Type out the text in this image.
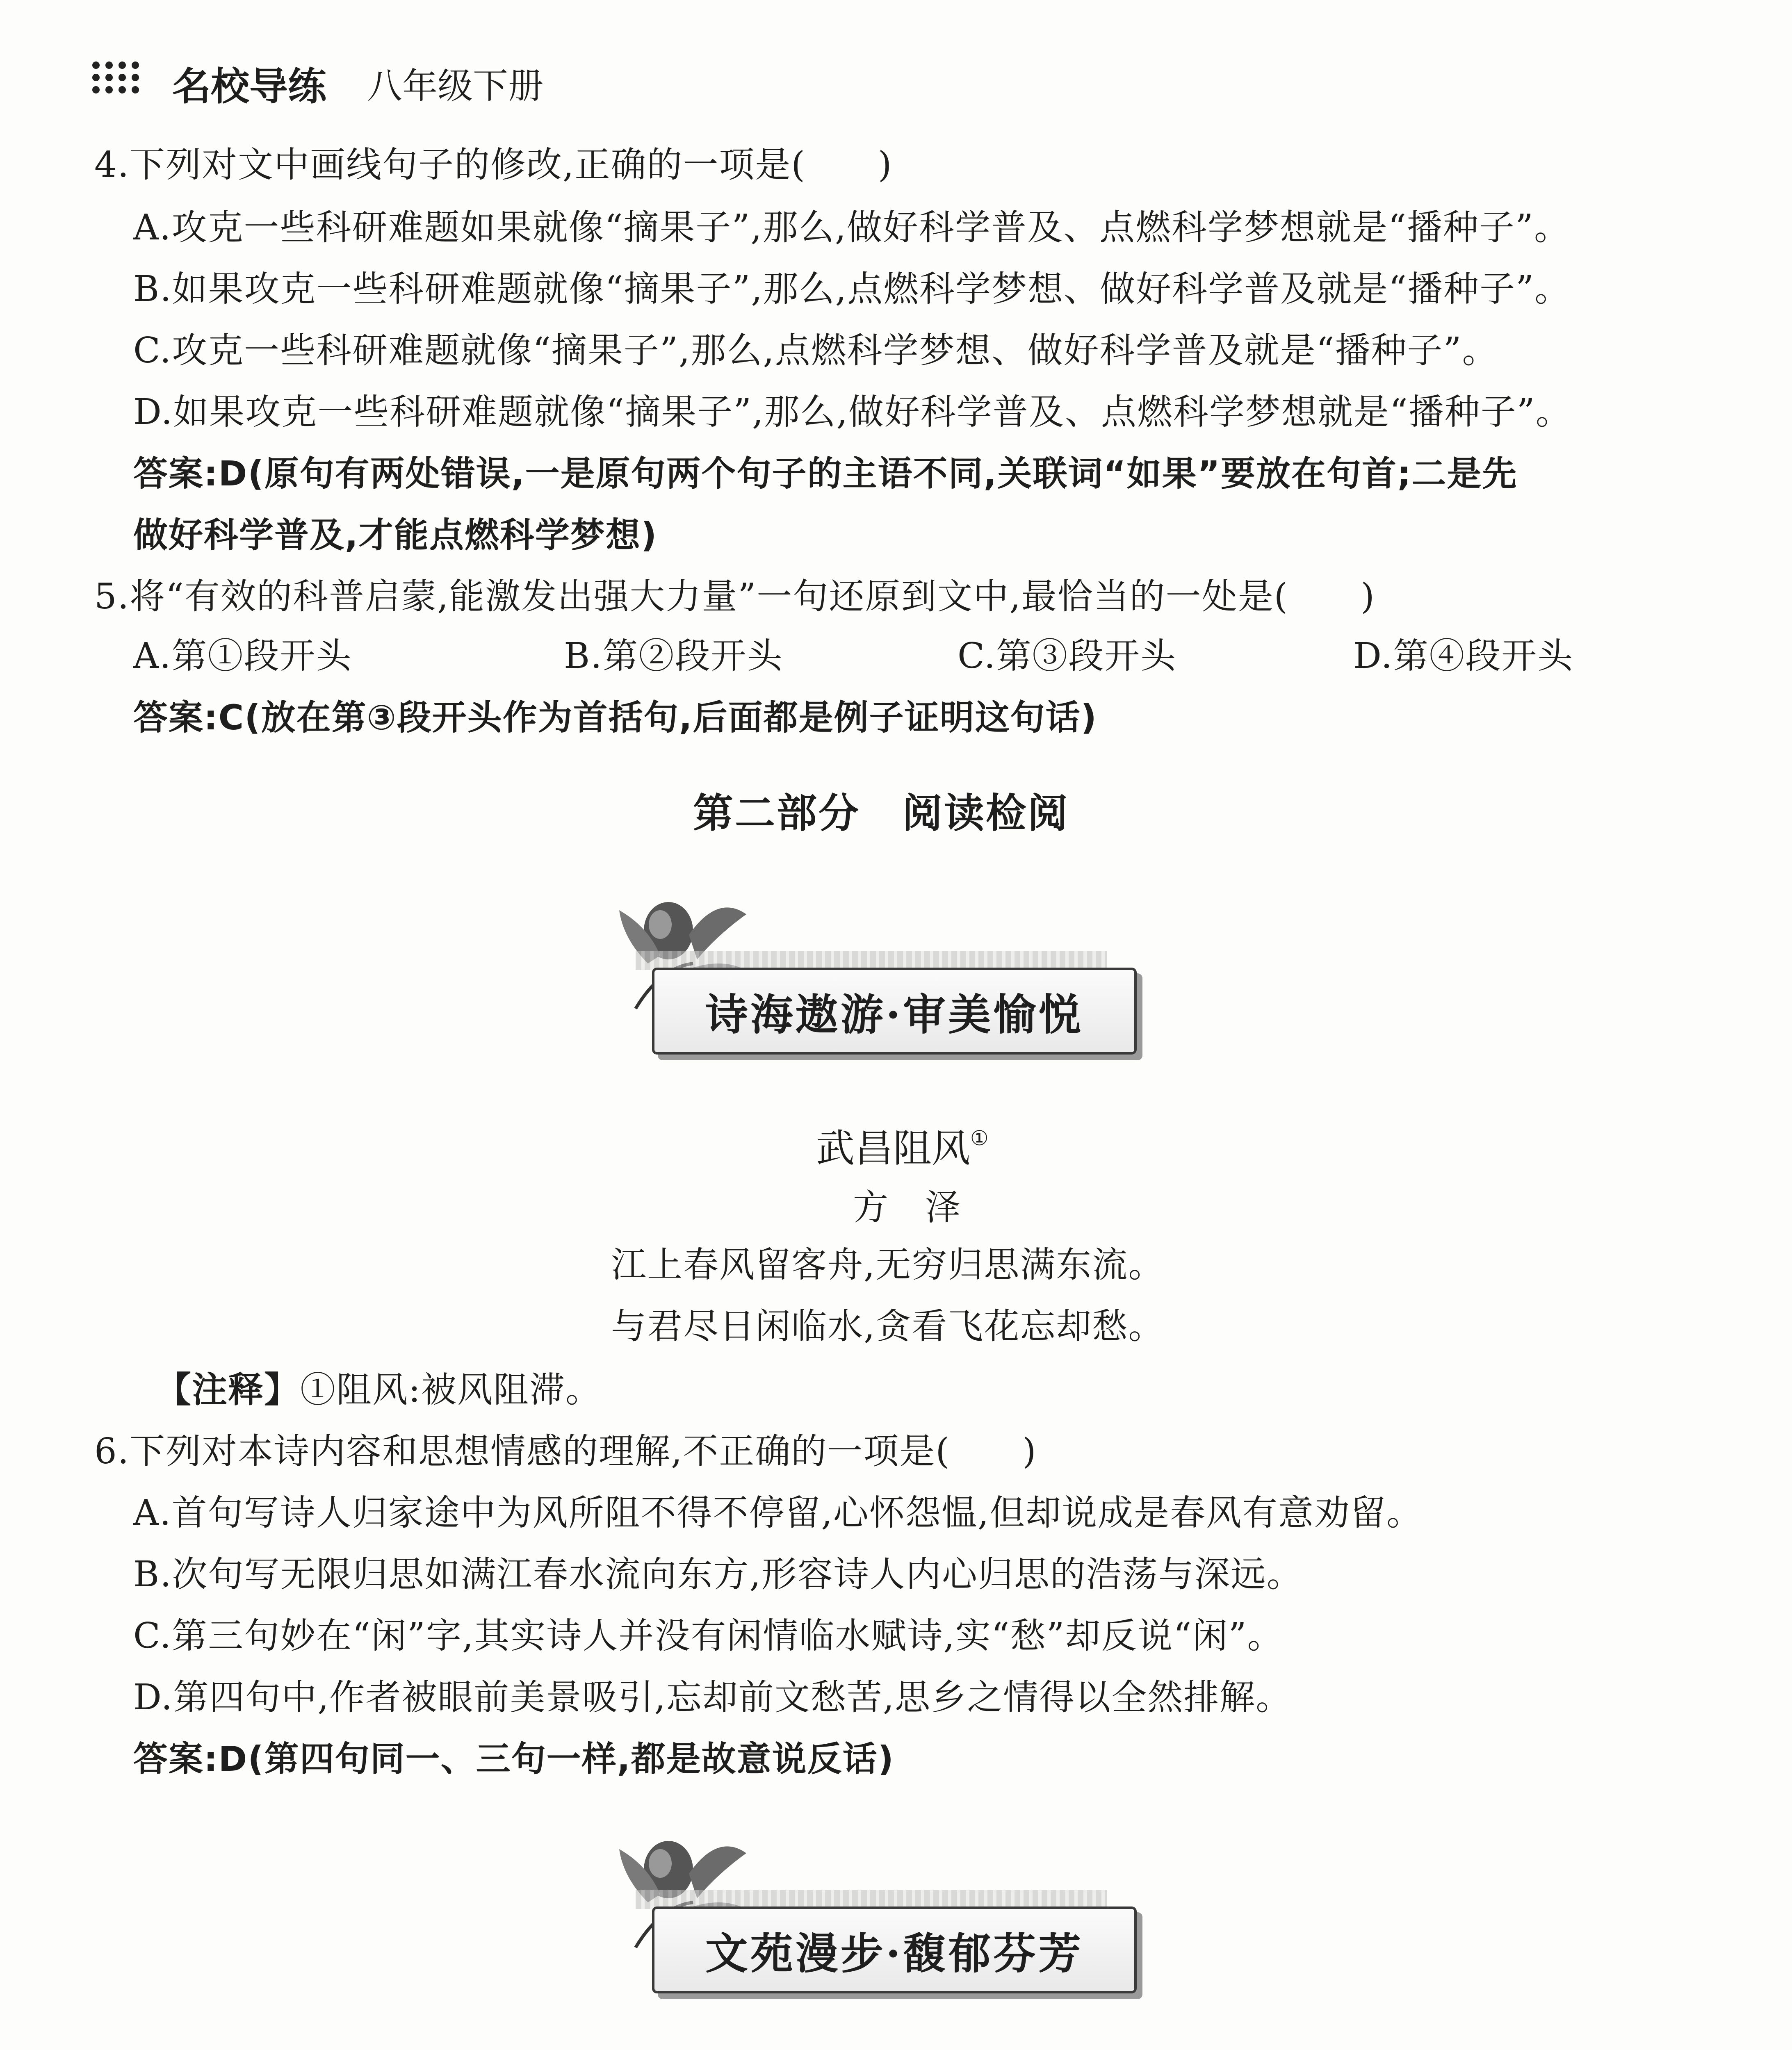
名校导练 八年级下册
4.下列对文中画线句子的修改,正确的一项是(　　)
A.攻克一些科研难题如果就像“摘果子”,那么,做好科学普及、点燃科学梦想就是“播种子”。
B.如果攻克一些科研难题就像“摘果子”,那么,点燃科学梦想、做好科学普及就是“播种子”。
C.攻克一些科研难题就像“摘果子”,那么,点燃科学梦想、做好科学普及就是“播种子”。
D.如果攻克一些科研难题就像“摘果子”,那么,做好科学普及、点燃科学梦想就是“播种子”。
答案:D(原句有两处错误,一是原句两个句子的主语不同,关联词“如果”要放在句首;二是先
做好科学普及,才能点燃科学梦想)
5.将“有效的科普启蒙,能激发出强大力量”一句还原到文中,最恰当的一处是(　　)
A.第①段开头	B.第②段开头	C.第③段开头	D.第④段开头
答案:C(放在第③段开头作为首括句,后面都是例子证明这句话)
第二部分　阅读检阅
诗海遨游·审美愉悦
武昌阻风①
方　泽
江上春风留客舟,无穷归思满东流。
与君尽日闲临水,贪看飞花忘却愁。
【注释】①阻风:被风阻滞。
6.下列对本诗内容和思想情感的理解,不正确的一项是(　　)
A.首句写诗人归家途中为风所阻不得不停留,心怀怨愠,但却说成是春风有意劝留。
B.次句写无限归思如满江春水流向东方,形容诗人内心归思的浩荡与深远。
C.第三句妙在“闲”字,其实诗人并没有闲情临水赋诗,实“愁”却反说“闲”。
D.第四句中,作者被眼前美景吸引,忘却前文愁苦,思乡之情得以全然排解。
答案:D(第四句同一、三句一样,都是故意说反话)
文苑漫步·馥郁芬芳
